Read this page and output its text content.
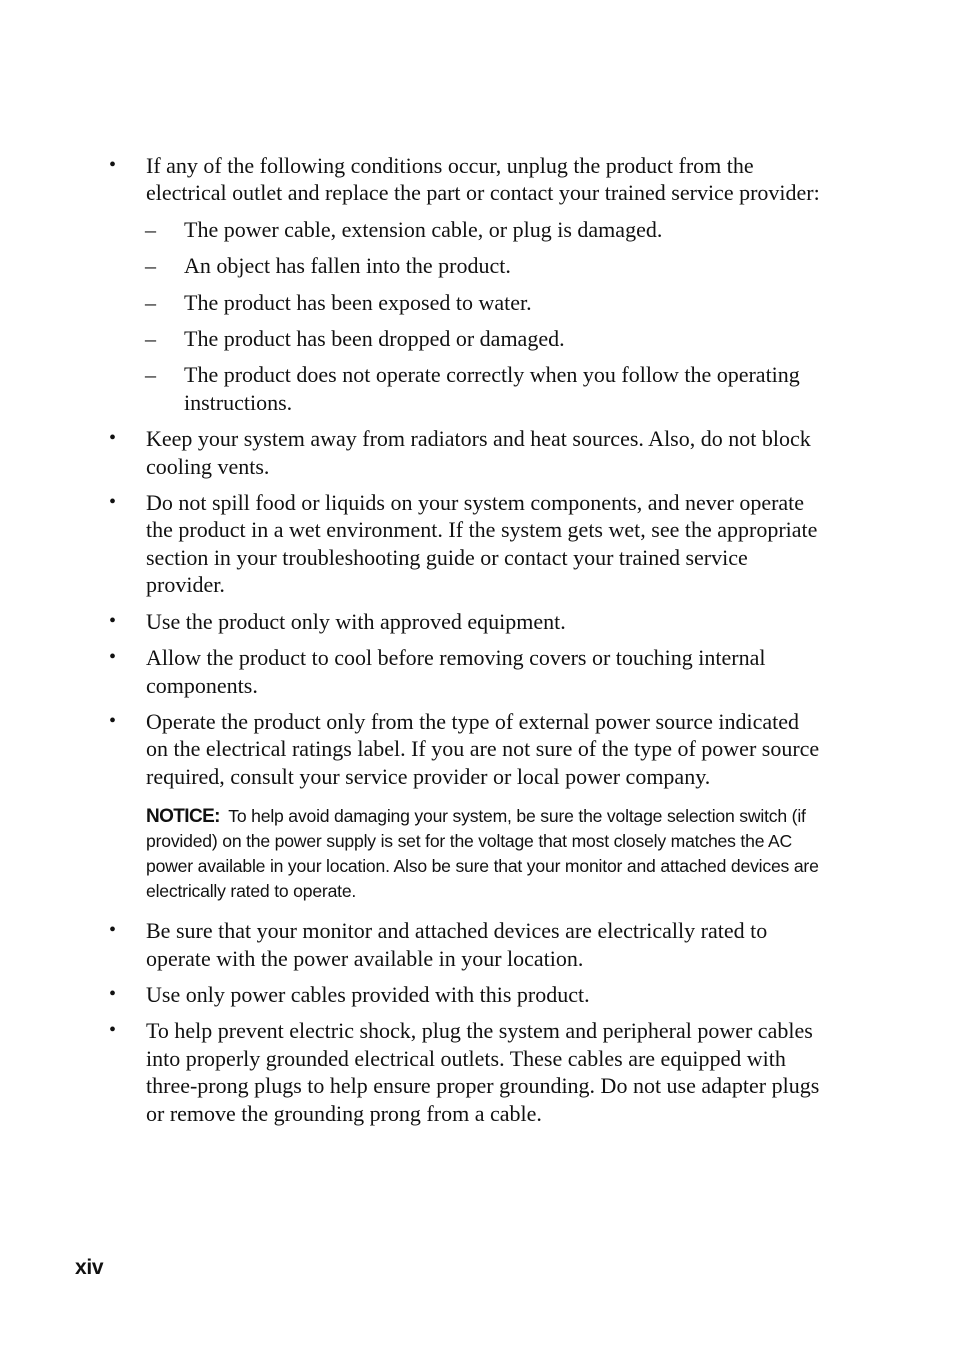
• If any of the following conditions occur, unplug the product from the electrical outlet and replace the part or contact your trained service provider:
– The power cable, extension cable, or plug is damaged.
– An object has fallen into the product.
– The product has been exposed to water.
– The product has been dropped or damaged.
– The product does not operate correctly when you follow the operating instructions.
• Keep your system away from radiators and heat sources. Also, do not block cooling vents.
• Do not spill food or liquids on your system components, and never operate the product in a wet environment. If the system gets wet, see the appropriate section in your troubleshooting guide or contact your trained service provider.
• Use the product only with approved equipment.
• Allow the product to cool before removing covers or touching internal components.
• Operate the product only from the type of external power source indicated on the electrical ratings label. If you are not sure of the type of power source required, consult your service provider or local power company.
NOTICE: To help avoid damaging your system, be sure the voltage selection switch (if provided) on the power supply is set for the voltage that most closely matches the AC power available in your location. Also be sure that your monitor and attached devices are electrically rated to operate.
• Be sure that your monitor and attached devices are electrically rated to operate with the power available in your location.
• Use only power cables provided with this product.
• To help prevent electric shock, plug the system and peripheral power cables into properly grounded electrical outlets. These cables are equipped with three-prong plugs to help ensure proper grounding. Do not use adapter plugs or remove the grounding prong from a cable.
xiv
